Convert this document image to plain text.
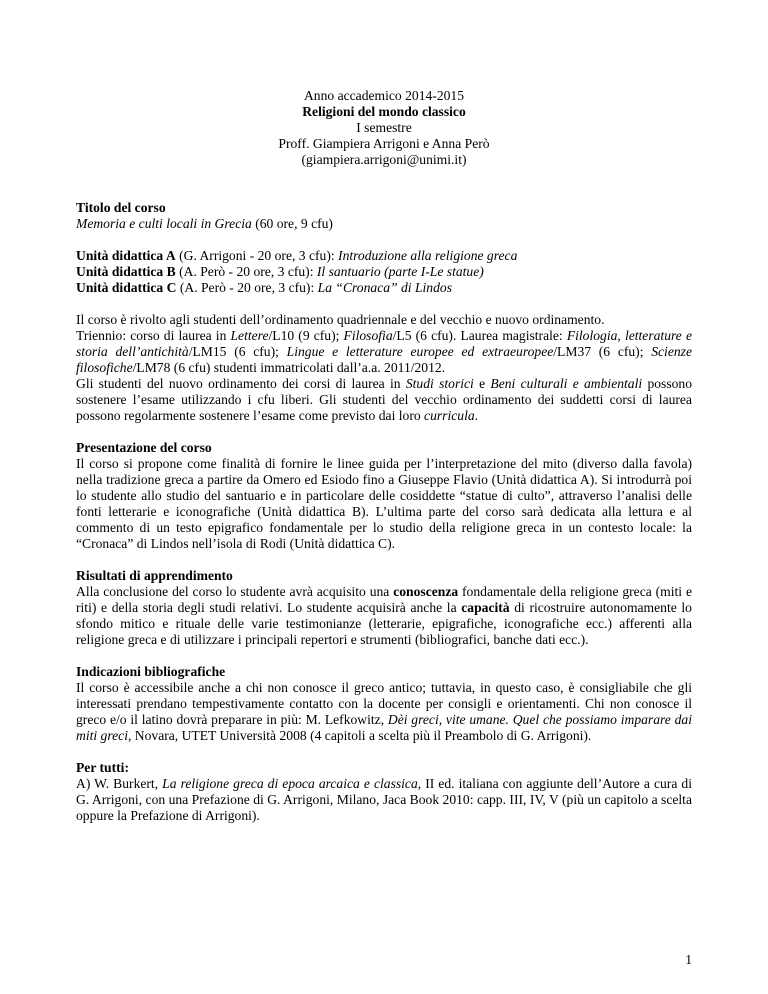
Anno accademico 2014-2015
Religioni del mondo classico
I semestre
Proff. Giampiera Arrigoni e Anna Però
(giampiera.arrigoni@unimi.it)
Titolo del corso
Memoria e culti locali in Grecia (60 ore, 9 cfu)
Unità didattica A (G. Arrigoni - 20 ore, 3 cfu): Introduzione alla religione greca
Unità didattica B (A. Però - 20 ore, 3 cfu): Il santuario (parte I-Le statue)
Unità didattica C (A. Però - 20 ore, 3 cfu): La “Cronaca” di Lindos

Il corso è rivolto agli studenti dell’ordinamento quadriennale e del vecchio e nuovo ordinamento.

Triennio: corso di laurea in Lettere/L10 (9 cfu); Filosofia/L5 (6 cfu). Laurea magistrale: Filologia, letterature e storia dell’antichità/LM15 (6 cfu); Lingue e letterature europee ed extraeuropee/LM37 (6 cfu); Scienze filosofiche/LM78 (6 cfu) studenti immatricolati dall’a.a. 2011/2012.

Gli studenti del nuovo ordinamento dei corsi di laurea in Studi storici e Beni culturali e ambientali possono sostenere l’esame utilizzando i cfu liberi. Gli studenti del vecchio ordinamento dei suddetti corsi di laurea possono regolarmente sostenere l’esame come previsto dai loro curricula.

Presentazione del corso

Il corso si propone come finalità di fornire le linee guida per l’interpretazione del mito (diverso dalla favola) nella tradizione greca a partire da Omero ed Esiodo fino a Giuseppe Flavio (Unità didattica A). Si introdurrà poi lo studente allo studio del santuario e in particolare delle cosiddette “statue di culto”, attraverso l’analisi delle fonti letterarie e iconografiche (Unità didattica B). L’ultima parte del corso sarà dedicata alla lettura e al commento di un testo epigrafico fondamentale per lo studio della religione greca in un contesto locale: la “Cronaca” di Lindos nell’isola di Rodi (Unità didattica C).

Risultati di apprendimento

Alla conclusione del corso lo studente avrà acquisito una conoscenza fondamentale della religione greca (miti e riti) e della storia degli studi relativi. Lo studente acquisirà anche la capacità di ricostruire autonomamente lo sfondo mitico e rituale delle varie testimonianze (letterarie, epigrafiche, iconografiche ecc.) afferenti alla religione greca e di utilizzare i principali repertori e strumenti (bibliografici, banche dati ecc.).

Indicazioni bibliografiche

Il corso è accessibile anche a chi non conosce il greco antico; tuttavia, in questo caso, è consigliabile che gli interessati prendano tempestivamente contatto con la docente per consigli e orientamenti. Chi non conosce il greco e/o il latino dovrà preparare in più: M. Lefkowitz, Dèi greci, vite umane. Quel che possiamo imparare dai miti greci, Novara, UTET Università 2008 (4 capitoli a scelta più il Preambolo di G. Arrigoni).

Per tutti:

A) W. Burkert, La religione greca di epoca arcaica e classica, II ed. italiana con aggiunte dell’Autore a cura di G. Arrigoni, con una Prefazione di G. Arrigoni, Milano, Jaca Book 2010: capp. III, IV, V (più un capitolo a scelta oppure la Prefazione di Arrigoni).

1
